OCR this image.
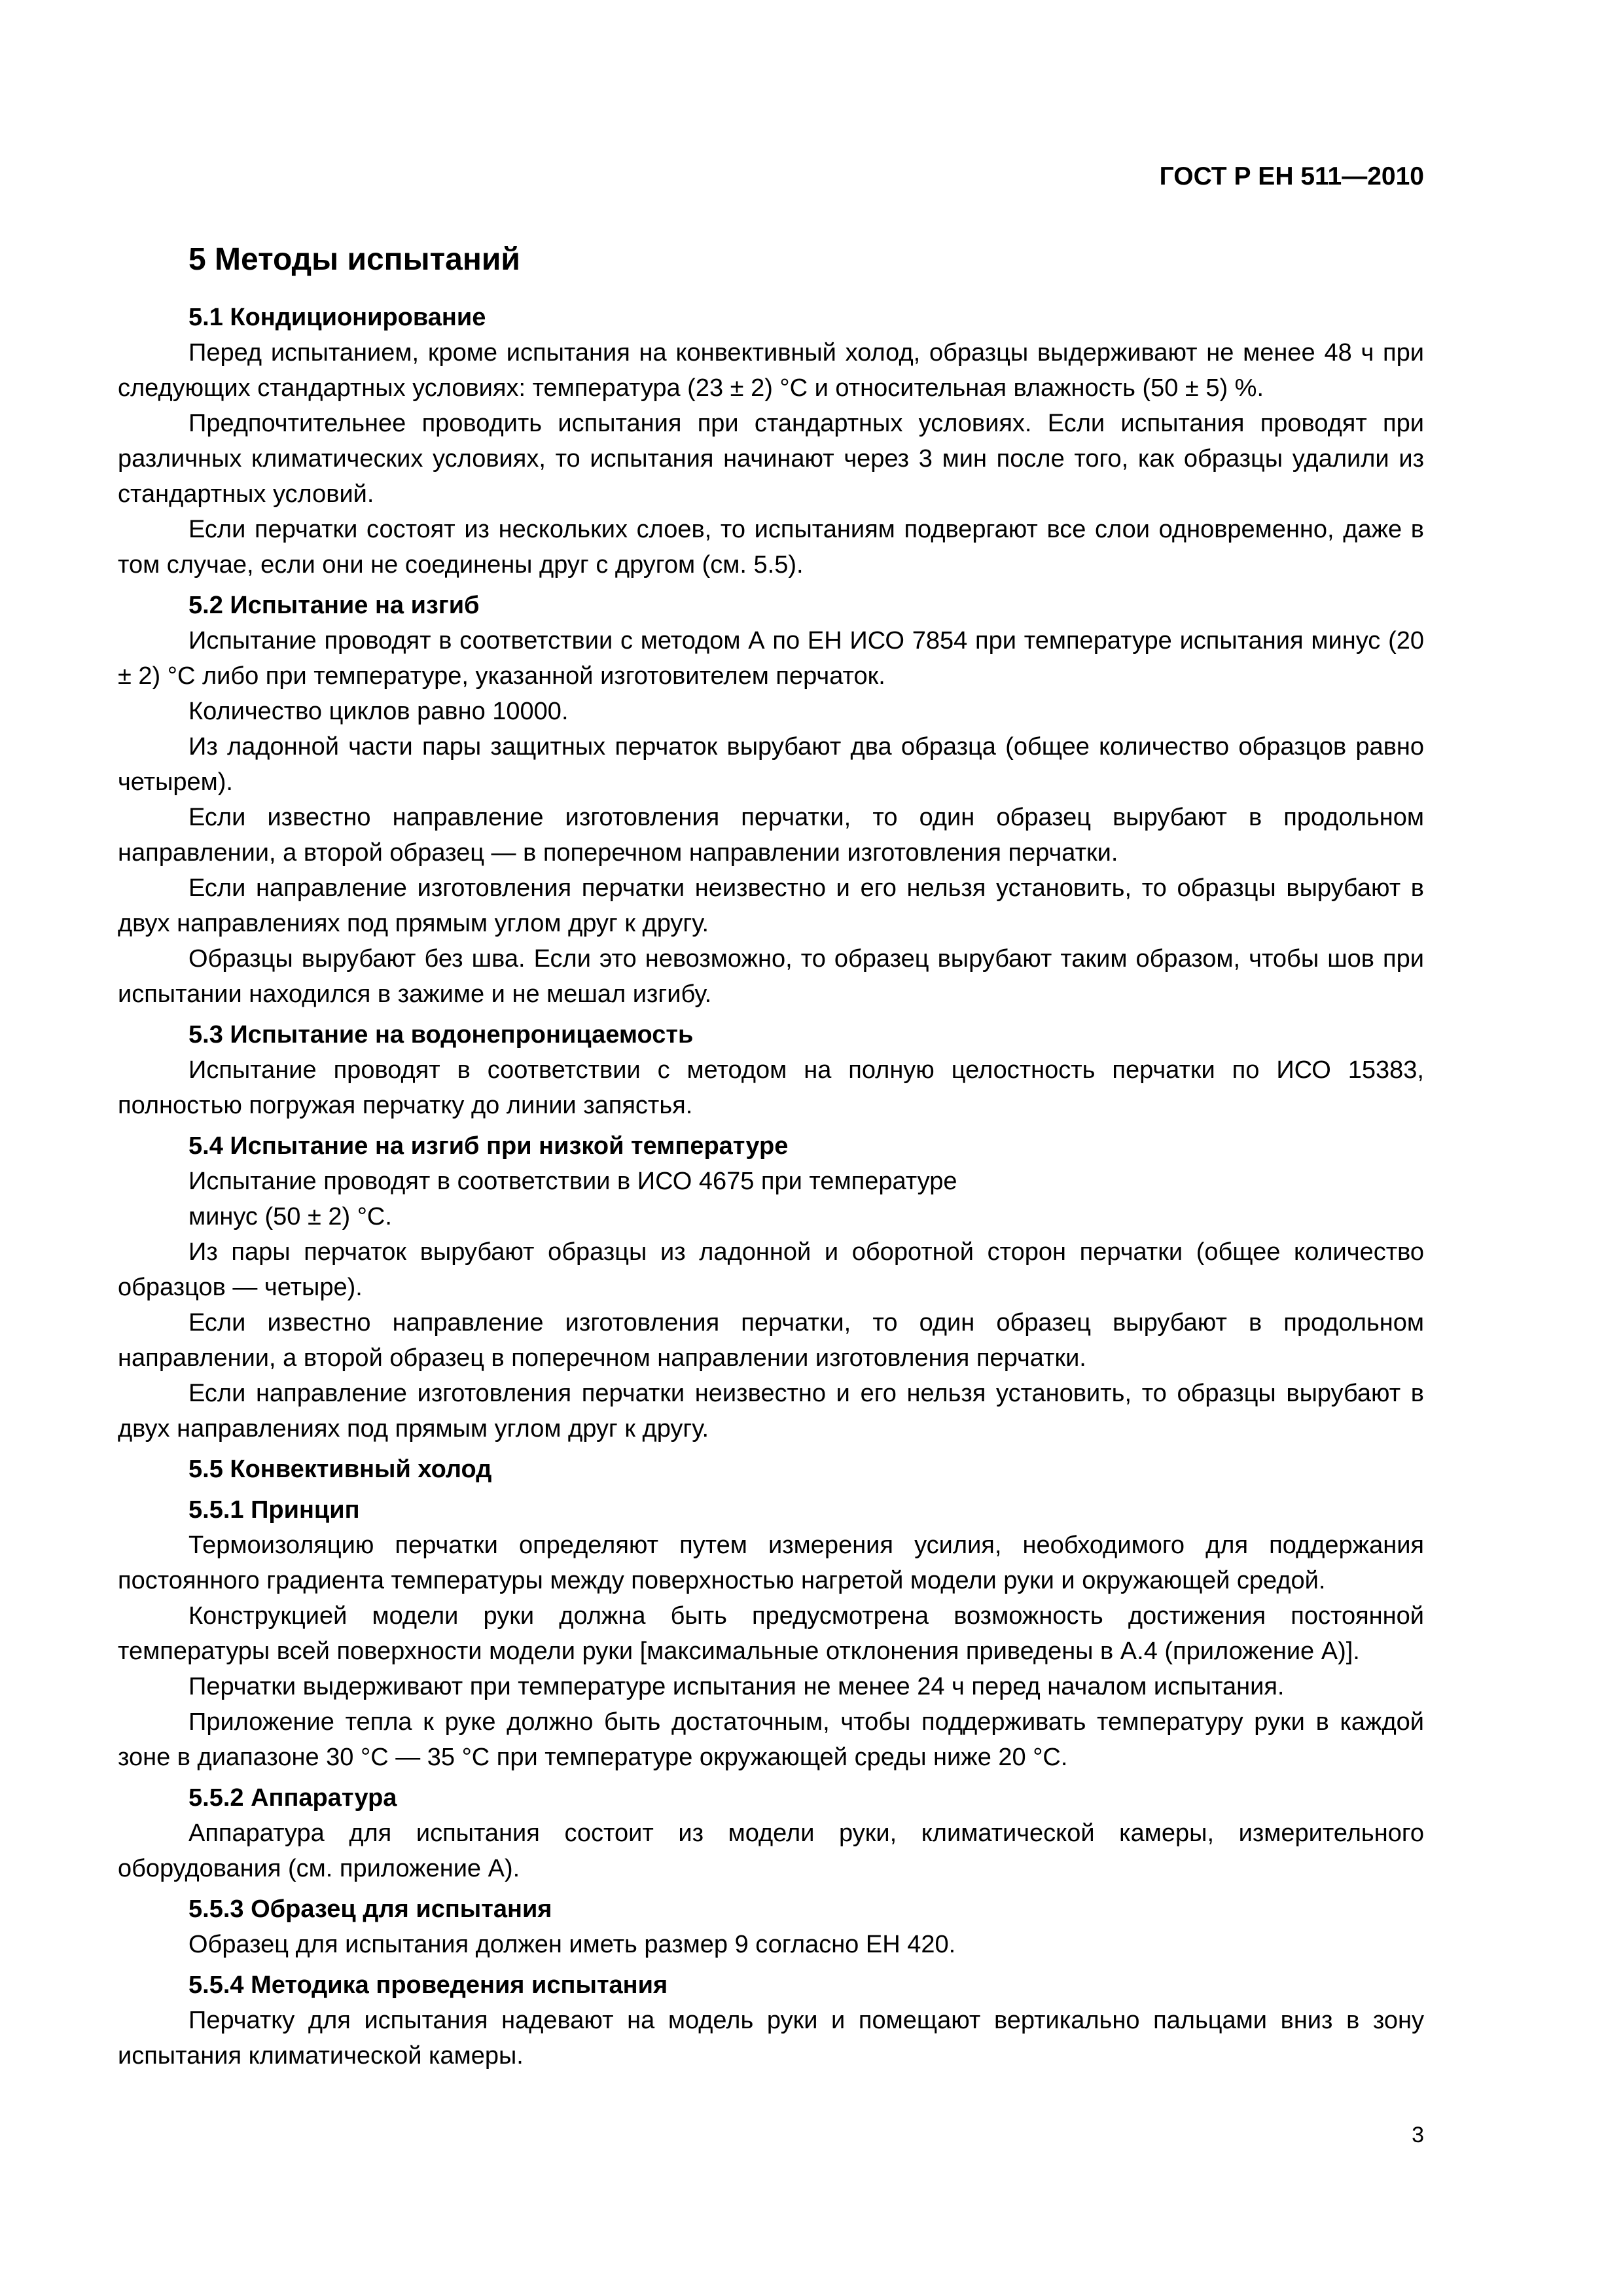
ГОСТ Р ЕН 511—2010
5 Методы испытаний
5.1 Кондиционирование

Перед испытанием, кроме испытания на конвективный холод, образцы выдерживают не менее 48 ч при следующих стандартных условиях: температура (23 ± 2) °C и относительная влажность (50 ± 5) %.

Предпочтительнее проводить испытания при стандартных условиях. Если испытания проводят при различных климатических условиях, то испытания начинают через 3 мин после того, как образцы удалили из стандартных условий.

Если перчатки состоят из нескольких слоев, то испытаниям подвергают все слои одновременно, даже в том случае, если они не соединены друг с другом (см. 5.5).

5.2 Испытание на изгиб

Испытание проводят в соответствии с методом А по ЕН ИСО 7854 при температуре испытания минус (20 ± 2) °C либо при температуре, указанной изготовителем перчаток.

Количество циклов равно 10000.

Из ладонной части пары защитных перчаток вырубают два образца (общее количество образцов равно четырем).

Если известно направление изготовления перчатки, то один образец вырубают в продольном направлении, а второй образец — в поперечном направлении изготовления перчатки.

Если направление изготовления перчатки неизвестно и его нельзя установить, то образцы вырубают в двух направлениях под прямым углом друг к другу.

Образцы вырубают без шва. Если это невозможно, то образец вырубают таким образом, чтобы шов при испытании находился в зажиме и не мешал изгибу.

5.3 Испытание на водонепроницаемость

Испытание проводят в соответствии с методом на полную целостность перчатки по ИСО 15383, полностью погружая перчатку до линии запястья.

5.4 Испытание на изгиб при низкой температуре

Испытание проводят в соответствии в ИСО 4675 при температуре

минус (50 ± 2) °C.

Из пары перчаток вырубают образцы из ладонной и оборотной сторон перчатки (общее количество образцов — четыре).

Если известно направление изготовления перчатки, то один образец вырубают в продольном направлении, а второй образец в поперечном направлении изготовления перчатки.

Если направление изготовления перчатки неизвестно и его нельзя установить, то образцы вырубают в двух направлениях под прямым углом друг к другу.

5.5 Конвективный холод
5.5.1 Принцип

Термоизоляцию перчатки определяют путем измерения усилия, необходимого для поддержания постоянного градиента температуры между поверхностью нагретой модели руки и окружающей средой.

Конструкцией модели руки должна быть предусмотрена возможность достижения постоянной температуры всей поверхности модели руки [максимальные отклонения приведены в А.4 (приложение А)].

Перчатки выдерживают при температуре испытания не менее 24 ч перед началом испытания.

Приложение тепла к руке должно быть достаточным, чтобы поддерживать температуру руки в каждой зоне в диапазоне 30 °C — 35 °C при температуре окружающей среды ниже 20 °C.

5.5.2 Аппаратура

Аппаратура для испытания состоит из модели руки, климатической камеры, измерительного оборудования (см. приложение А).

5.5.3 Образец для испытания

Образец для испытания должен иметь размер 9 согласно ЕН 420.

5.5.4 Методика проведения испытания

Перчатку для испытания надевают на модель руки и помещают вертикально пальцами вниз в зону испытания климатической камеры.

3
